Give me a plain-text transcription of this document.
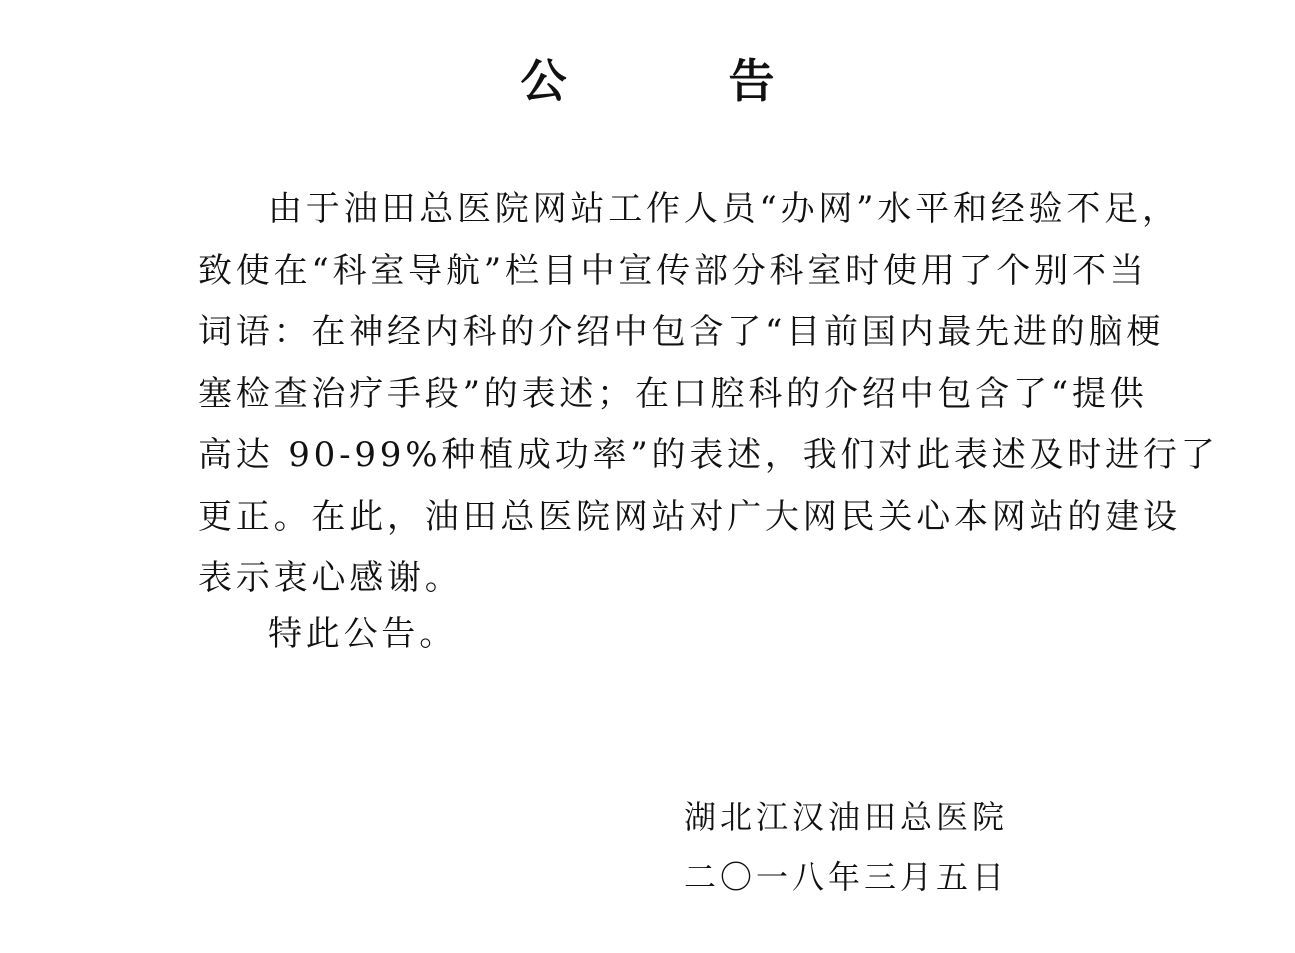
公　告
由于油田总医院网站工作人员“办网”水平和经验不足，
致使在“科室导航”栏目中宣传部分科室时使用了个别不当
词语：在神经内科的介绍中包含了“目前国内最先进的脑梗
塞检查治疗手段”的表述；在口腔科的介绍中包含了“提供
高达 90-99%种植成功率”的表述，我们对此表述及时进行了
更正。在此，油田总医院网站对广大网民关心本网站的建设
表示衷心感谢。
特此公告。
湖北江汉油田总医院
二〇一八年三月五日
